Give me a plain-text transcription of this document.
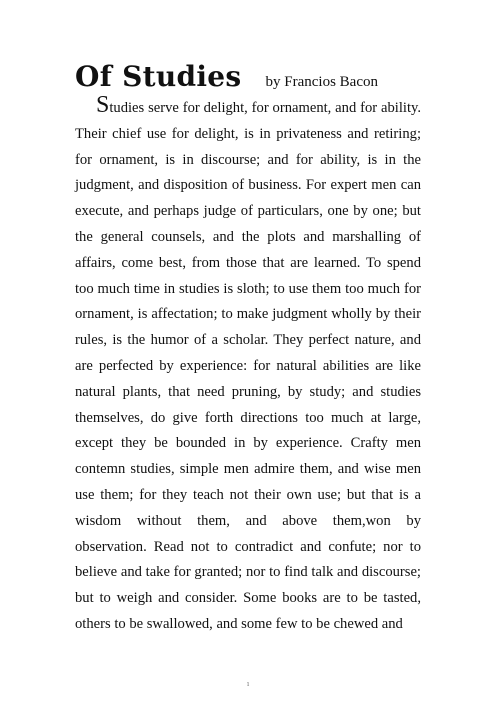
Of Studies by Francios Bacon

Studies serve for delight, for ornament, and for ability. Their chief use for delight, is in privateness and retiring; for ornament, is in discourse; and for ability, is in the judgment, and disposition of business. For expert men can execute, and perhaps judge of particulars, one by one; but the general counsels, and the plots and marshalling of affairs, come best, from those that are learned. To spend too much time in studies is sloth; to use them too much for ornament, is affectation; to make judgment wholly by their rules, is the humor of a scholar. They perfect nature, and are perfected by experience: for natural abilities are like natural plants, that need pruning, by study; and studies themselves, do give forth directions too much at large, except they be bounded in by experience. Crafty men contemn studies, simple men admire them, and wise men use them; for they teach not their own use; but that is a wisdom without them, and above them,won by observation. Read not to contradict and confute; nor to believe and take for granted; nor to find talk and discourse; but to weigh and consider. Some books are to be tasted, others to be swallowed, and some few to be chewed and

1
